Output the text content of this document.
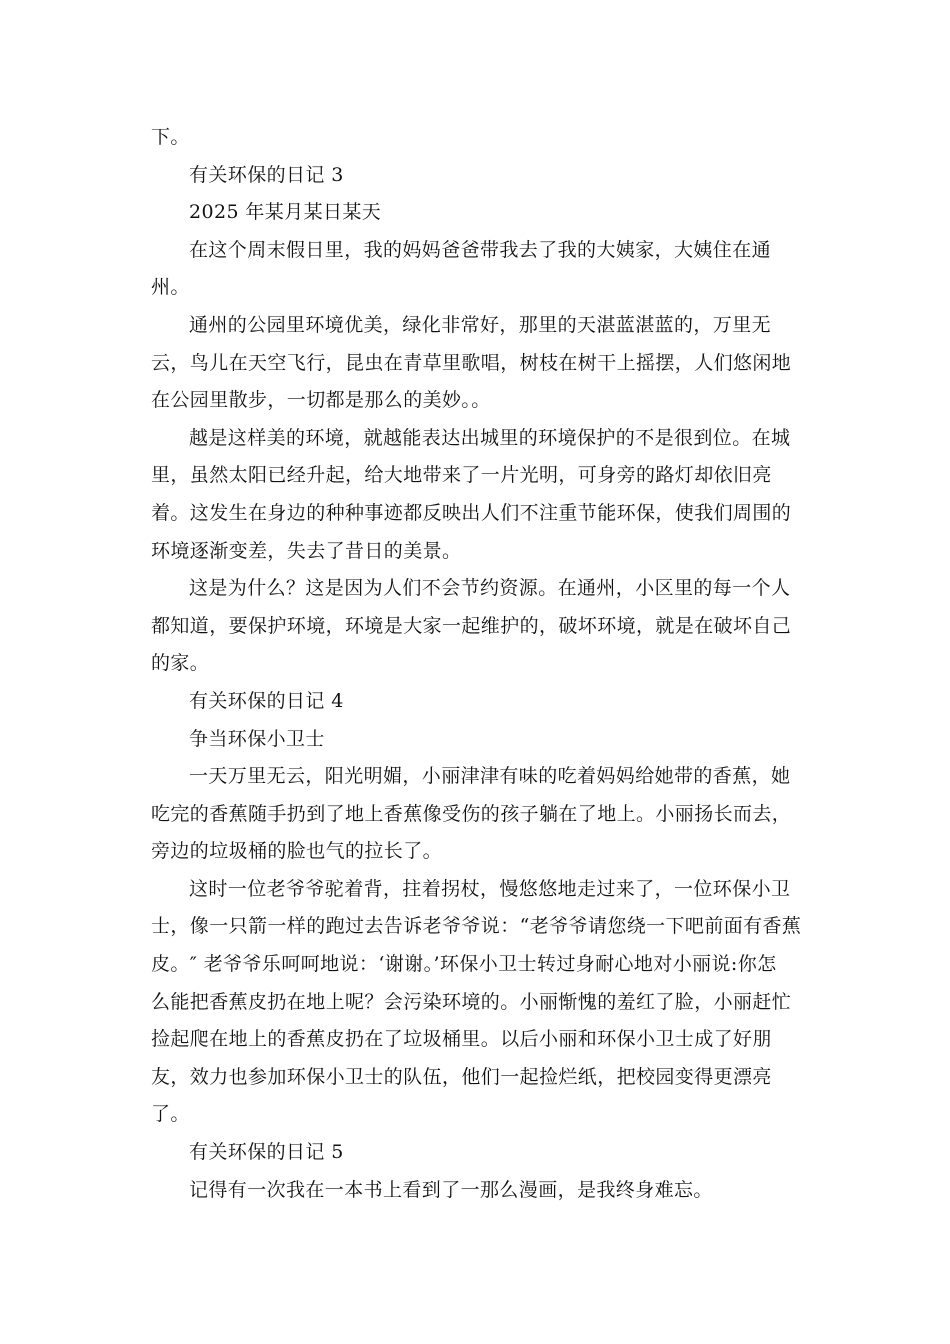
下。
有关环保的日记 3
2025 年某月某日某天
在这个周末假日里，我的妈妈爸爸带我去了我的大姨家，大姨住在通
州。
通州的公园里环境优美，绿化非常好，那里的天湛蓝湛蓝的，万里无
云，鸟儿在天空飞行，昆虫在青草里歌唱，树枝在树干上摇摆，人们悠闲地
在公园里散步，一切都是那么的美妙。。
越是这样美的环境，就越能表达出城里的环境保护的不是很到位。在城
里，虽然太阳已经升起，给大地带来了一片光明，可身旁的路灯却依旧亮
着。这发生在身边的种种事迹都反映出人们不注重节能环保，使我们周围的
环境逐渐变差，失去了昔日的美景。
这是为什么？这是因为人们不会节约资源。在通州，小区里的每一个人
都知道，要保护环境，环境是大家一起维护的，破坏环境，就是在破坏自己
的家。
有关环保的日记 4
争当环保小卫士
一天万里无云，阳光明媚，小丽津津有味的吃着妈妈给她带的香蕉，她
吃完的香蕉随手扔到了地上香蕉像受伤的孩子躺在了地上。小丽扬长而去，
旁边的垃圾桶的脸也气的拉长了。
这时一位老爷爷驼着背，拄着拐杖，慢悠悠地走过来了，一位环保小卫
士，像一只箭一样的跑过去告诉老爷爷说：“老爷爷请您绕一下吧前面有香蕉
皮。″ 老爷爷乐呵呵地说：‘谢谢。’环保小卫士转过身耐心地对小丽说:你怎
么能把香蕉皮扔在地上呢？会污染环境的。小丽惭愧的羞红了脸，小丽赶忙
捡起爬在地上的香蕉皮扔在了垃圾桶里。以后小丽和环保小卫士成了好朋
友，效力也参加环保小卫士的队伍，他们一起捡烂纸，把校园变得更漂亮
了。
有关环保的日记 5
记得有一次我在一本书上看到了一那么漫画，是我终身难忘。
